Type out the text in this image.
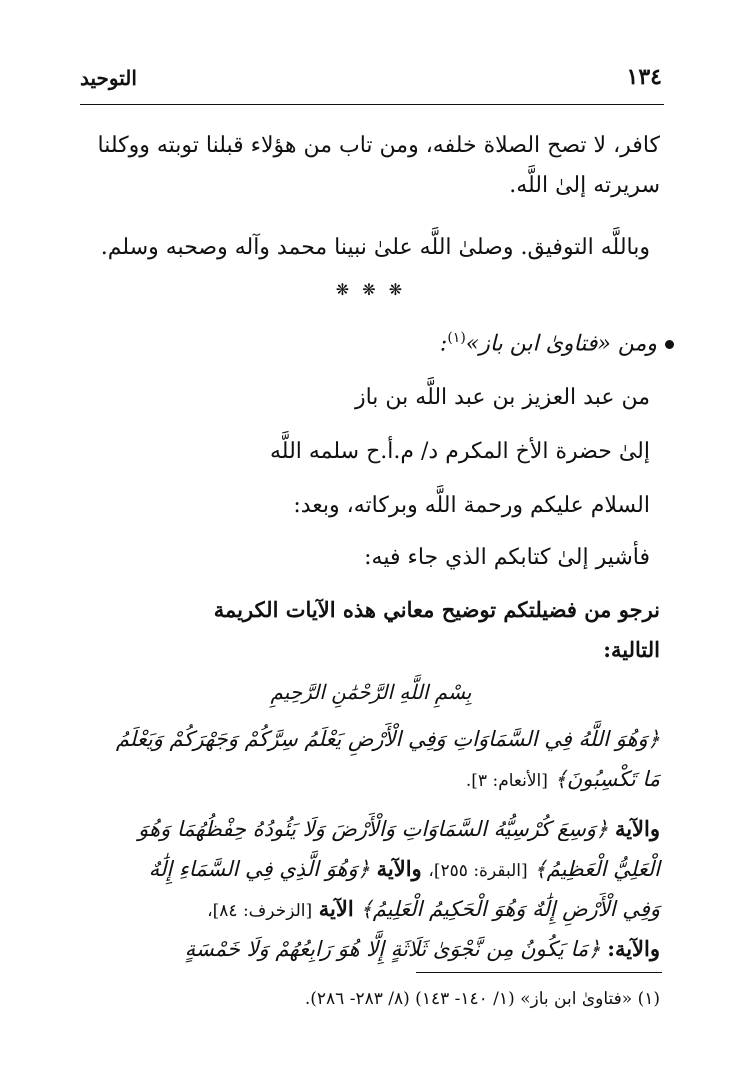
١٣٤
التوحيد
كافر، لا تصح الصلاة خلفه، ومن تاب من هؤلاء قبلنا توبته ووكلنا
سريرته إلىٰ اللَّه.
وباللَّه التوفيق. وصلىٰ اللَّه علىٰ نبينا محمد وآله وصحبه وسلم.
❋ ❋ ❋
ومن «فتاوىٰ ابن باز»$^{(١)}$:
من عبد العزيز بن عبد اللَّه بن باز
إلىٰ حضرة الأخ المكرم د/ م.أ.ح سلمه اللَّه
السلام عليكم ورحمة اللَّه وبركاته، وبعد:
فأشير إلىٰ كتابكم الذي جاء فيه:
نرجو من فضيلتكم توضيح معاني هذه الآيات الكريمة
التالية:
بِسْمِ اللَّهِ الرَّحْمَٰنِ الرَّحِيمِ
﴿وَهُوَ اللَّهُ فِي السَّمَاوَاتِ وَفِي الْأَرْضِ يَعْلَمُ سِرَّكُمْ وَجَهْرَكُمْ وَيَعْلَمُ
مَا تَكْسِبُونَ﴾ [الأنعام: ٣].
والآية ﴿وَسِعَ كُرْسِيُّهُ السَّمَاوَاتِ وَالْأَرْضَ وَلَا يَئُودُهُ حِفْظُهُمَا وَهُوَ
الْعَلِيُّ الْعَظِيمُ﴾ [البقرة: ٢٥٥]، والآية ﴿وَهُوَ الَّذِي فِي السَّمَاءِ إِلَٰهٌ
وَفِي الْأَرْضِ إِلَٰهٌ وَهُوَ الْحَكِيمُ الْعَلِيمُ﴾ الآية [الزخرف: ٨٤]،
والآية: ﴿مَا يَكُونُ مِن نَّجْوَىٰ ثَلَاثَةٍ إِلَّا هُوَ رَابِعُهُمْ وَلَا خَمْسَةٍ
(١) «فتاوىٰ ابن باز» (١/ ١٤٠- ١٤٣) (٨/ ٢٨٣- ٢٨٦).
